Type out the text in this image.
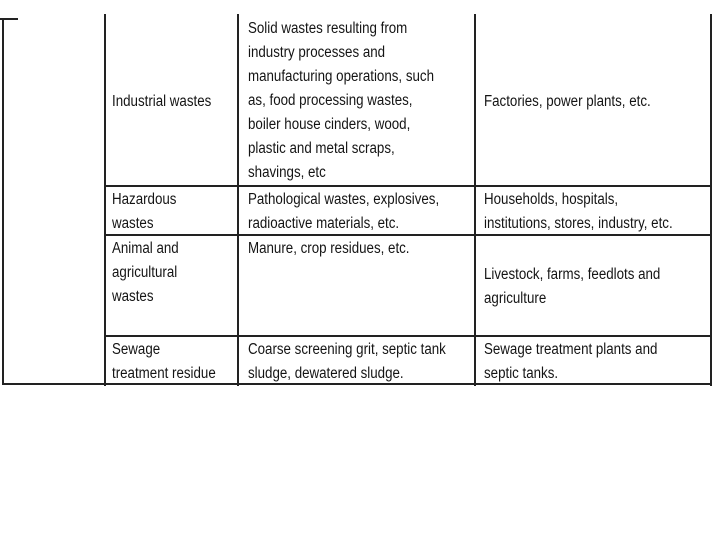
Industrial wastes
Solid wastes resulting from
industry processes and
manufacturing operations, such
as, food processing wastes,
boiler house cinders, wood,
plastic and metal scraps,
shavings, etc
Factories, power plants, etc.
Hazardous
wastes
Pathological wastes, explosives,
radioactive materials, etc.
Households, hospitals,
institutions, stores, industry, etc.
Animal and
agricultural
wastes
Manure, crop residues, etc.
Livestock, farms, feedlots and
agriculture
Sewage
treatment residue
Coarse screening grit, septic tank
sludge, dewatered sludge.
Sewage treatment plants and
septic tanks.
